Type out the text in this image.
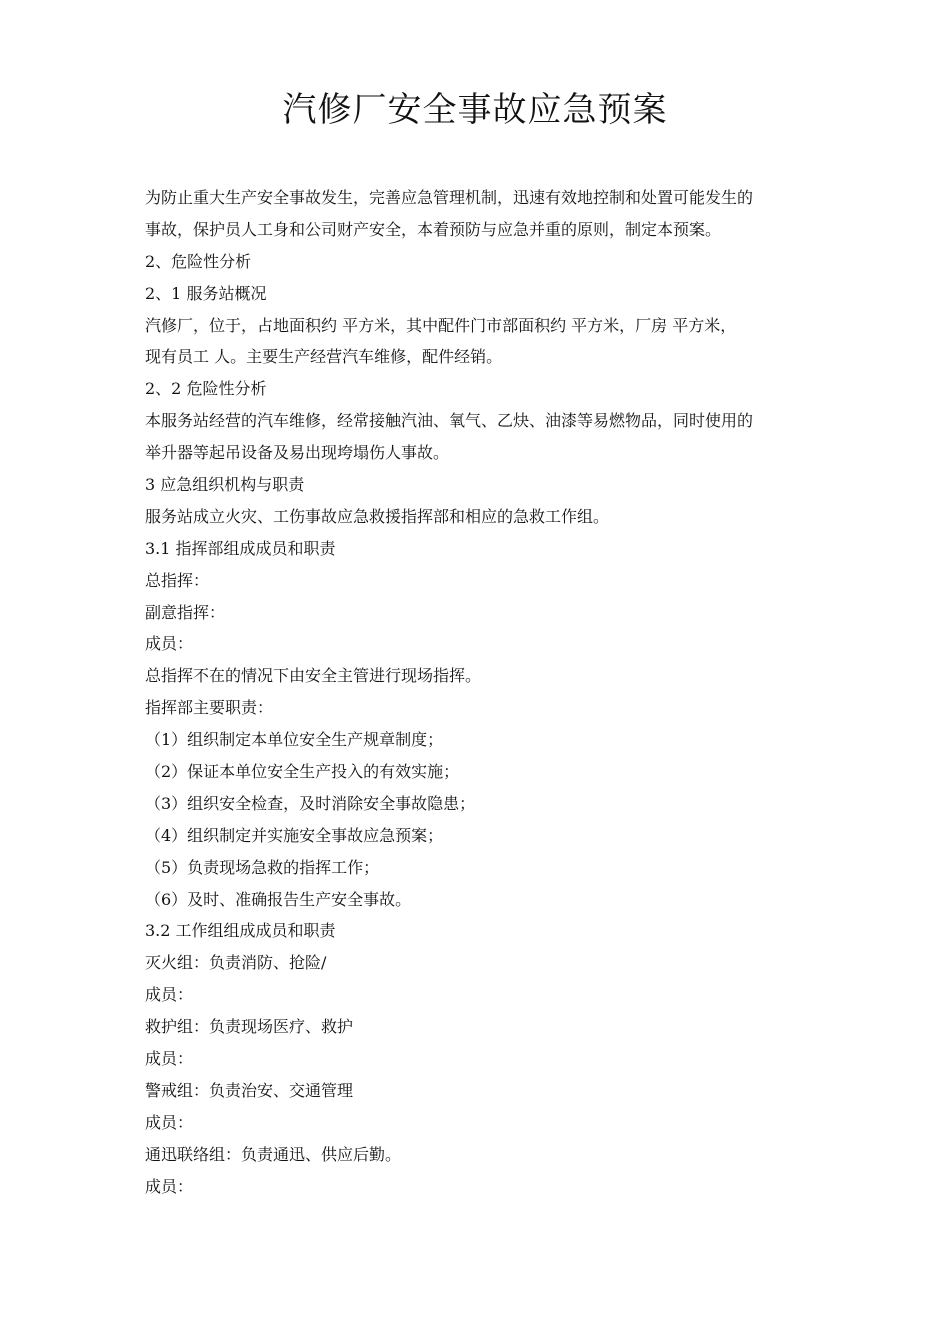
汽修厂安全事故应急预案
为防止重大生产安全事故发生，完善应急管理机制，迅速有效地控制和处置可能发生的
事故，保护员人工身和公司财产安全，本着预防与应急并重的原则，制定本预案。
2、危险性分析
2、1 服务站概况
汽修厂，位于，占地面积约 平方米，其中配件门市部面积约 平方米，厂房 平方米，
现有员工 人。主要生产经营汽车维修，配件经销。
2、2 危险性分析
本服务站经营的汽车维修，经常接触汽油、氧气、乙炔、油漆等易燃物品，同时使用的
举升器等起吊设备及易出现垮塌伤人事故。
3 应急组织机构与职责
服务站成立火灾、工伤事故应急救援指挥部和相应的急救工作组。
3.1 指挥部组成成员和职责
总指挥：
副意指挥：
成员：
总指挥不在的情况下由安全主管进行现场指挥。
指挥部主要职责：
（1）组织制定本单位安全生产规章制度；
（2）保证本单位安全生产投入的有效实施；
（3）组织安全检查，及时消除安全事故隐患；
（4）组织制定并实施安全事故应急预案；
（5）负责现场急救的指挥工作；
（6）及时、准确报告生产安全事故。
3.2 工作组组成成员和职责
灭火组：负责消防、抢险/
成员：
救护组：负责现场医疗、救护
成员：
警戒组：负责治安、交通管理
成员：
通迅联络组：负责通迅、供应后勤。
成员：
